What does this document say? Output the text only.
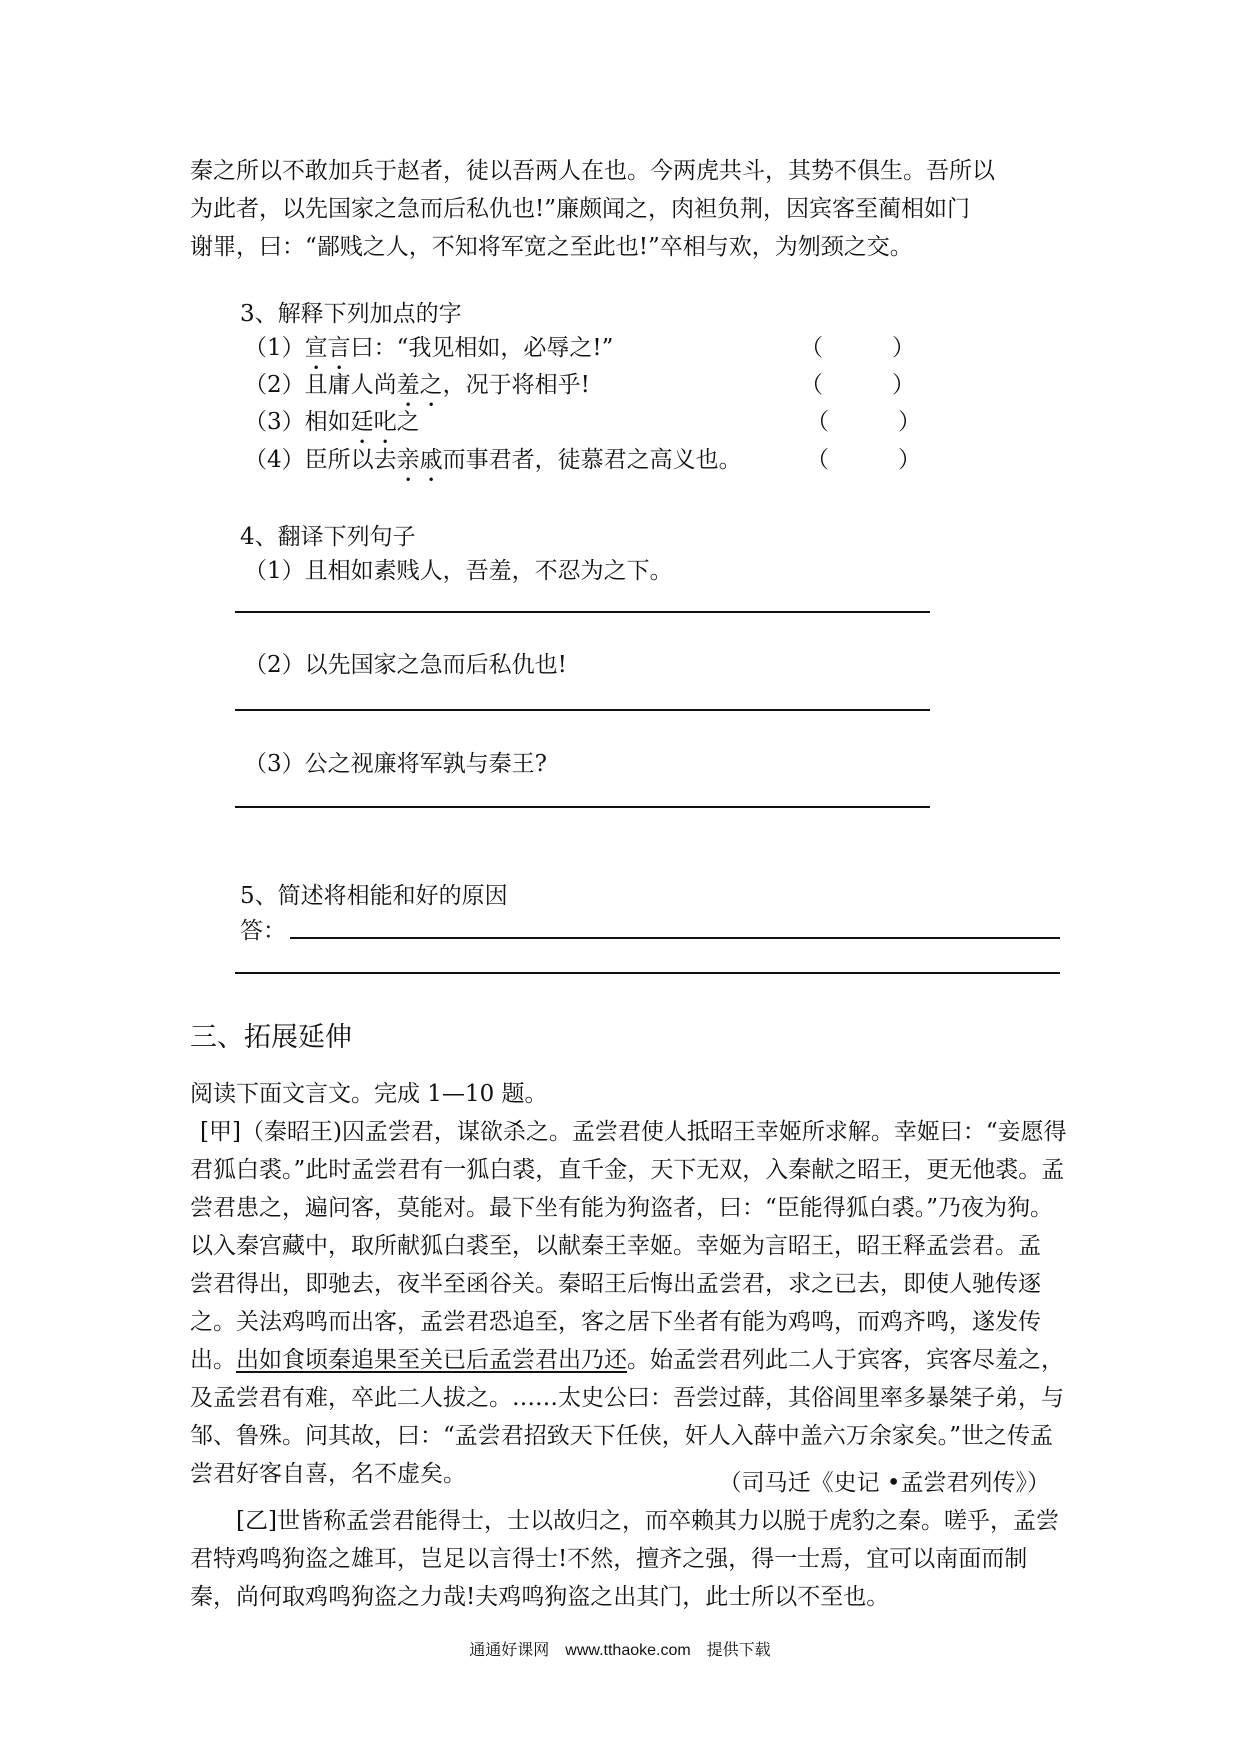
秦之所以不敢加兵于赵者，徒以吾两人在也。今两虎共斗，其势不俱生。吾所以
为此者，以先国家之急而后私仇也!”廉颇闻之，肉袒负荆，因宾客至蔺相如门
谢罪，曰：“鄙贱之人，不知将军宽之至此也!”卒相与欢，为刎颈之交。
3、解释下列加点的字
（1）宣言曰：“我见相如，必辱之!”	（　　　）
（2）且庸人尚羞之，况于将相乎!	（　　　）
（3）相如廷叱之	（　　　）
（4）臣所以去亲戚而事君者，徒慕君之高义也。	（　　　）
4、翻译下列句子
（1）且相如素贱人，吾羞，不忍为之下。
（2）以先国家之急而后私仇也!
（3）公之视廉将军孰与秦王?
5、简述将相能和好的原因
答：
三、拓展延伸
阅读下面文言文。完成 1—10 题。
[甲]（秦昭王)囚孟尝君，谋欲杀之。孟尝君使人抵昭王幸姬所求解。幸姬曰：“妾愿得君狐白裘。”此时孟尝君有一狐白裘，直千金，天下无双，入秦献之昭王，更无他裘。孟尝君患之，遍问客，莫能对。最下坐有能为狗盗者，曰：“臣能得狐白裘。”乃夜为狗。以入秦宫藏中，取所献狐白裘至，以献秦王幸姬。幸姬为言昭王，昭王释孟尝君。孟　尝君得出，即驰去，夜半至函谷关。秦昭王后悔出孟尝君，求之已去，即使人驰传逐之。关法鸡鸣而出客，孟尝君恐追至，客之居下坐者有能为鸡鸣，而鸡齐鸣，遂发传出。出如食顷秦追果至关已后孟尝君出乃还。始孟尝君列此二人于宾客，宾客尽羞之，及孟尝君有难，卒此二人拔之。……太史公曰：吾尝过薛，其俗闾里率多暴桀子弟，与邹、鲁殊。问其故，曰：“孟尝君招致天下任侠，奸人入薛中盖六万余家矣。”世之传孟尝君好客自喜，名不虚矣。	（司马迁《史记 •孟尝君列传》）
[乙]世皆称孟尝君能得士，士以故归之，而卒赖其力以脱于虎豹之秦。嗟乎，孟尝君特鸡鸣狗盗之雄耳，岂足以言得士!不然，擅齐之强，得一士焉，宜可以南面而制秦，尚何取鸡鸣狗盗之力哉!夫鸡鸣狗盗之出其门，此士所以不至也。
通通好课网　www.tthaoke.com　提供下载
